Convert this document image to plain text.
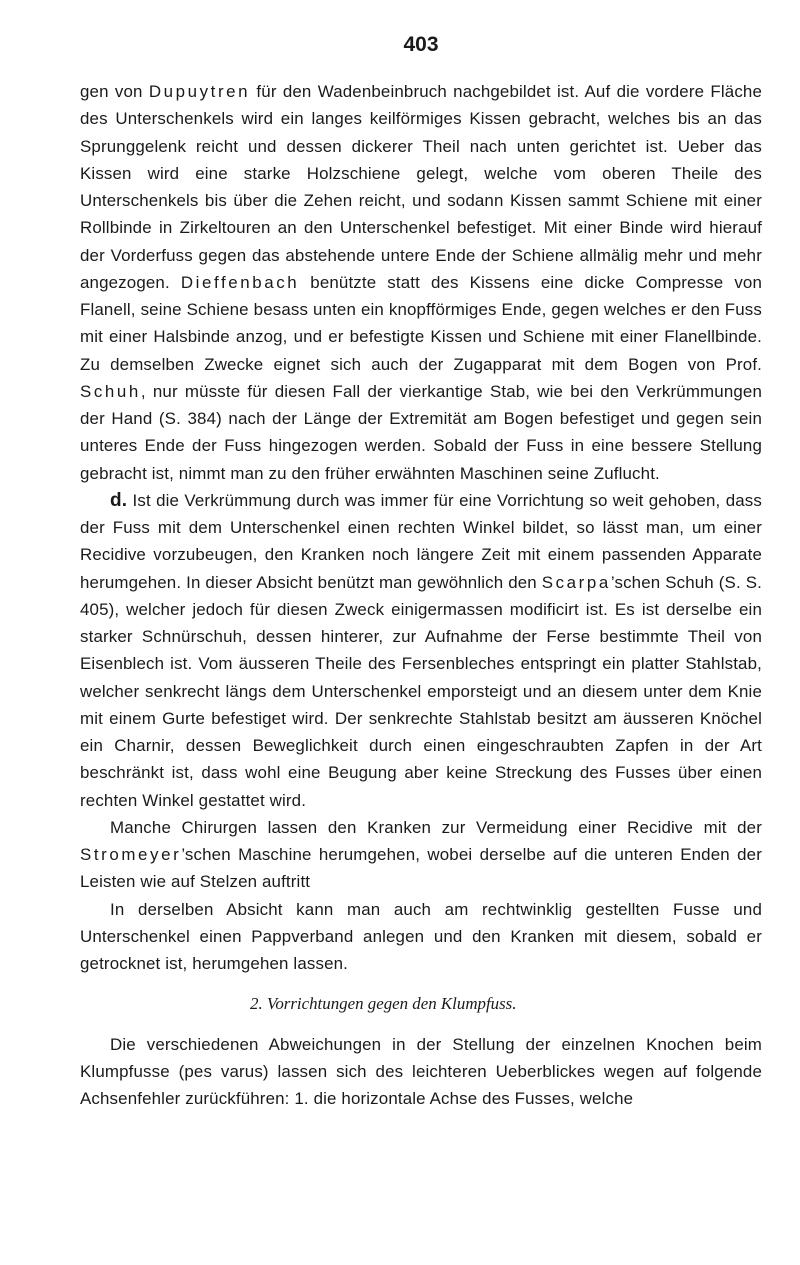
403

gen von Dupuytren für den Wadenbeinbruch nachgebildet ist. Auf die vordere Fläche des Unterschenkels wird ein langes keilförmiges Kissen gebracht, welches bis an das Sprunggelenk reicht und dessen dickerer Theil nach unten gerichtet ist. Ueber das Kissen wird eine starke Holzschiene gelegt, welche vom oberen Theile des Unterschenkels bis über die Zehen reicht, und sodann Kissen sammt Schiene mit einer Rollbinde in Zirkeltouren an den Unterschenkel befestiget. Mit einer Binde wird hierauf der Vorderfuss gegen das abstehende untere Ende der Schiene allmälig mehr und mehr angezogen. Dieffenbach benützte statt des Kissens eine dicke Compresse von Flanell, seine Schiene besass unten ein knopfförmiges Ende, gegen welches er den Fuss mit einer Halsbinde anzog, und er befestigte Kissen und Schiene mit einer Flanellbinde. Zu demselben Zwecke eignet sich auch der Zugapparat mit dem Bogen von Prof. Schuh, nur müsste für diesen Fall der vierkantige Stab, wie bei den Verkrümmungen der Hand (S. 384) nach der Länge der Extremität am Bogen befestiget und gegen sein unteres Ende der Fuss hingezogen werden. Sobald der Fuss in eine bessere Stellung gebracht ist, nimmt man zu den früher erwähnten Maschinen seine Zuflucht.

d. Ist die Verkrümmung durch was immer für eine Vorrichtung so weit gehoben, dass der Fuss mit dem Unterschenkel einen rechten Winkel bildet, so lässt man, um einer Recidive vorzubeugen, den Kranken noch längere Zeit mit einem passenden Apparate herumgehen. In dieser Absicht benützt man gewöhnlich den Scarpa’schen Schuh (S. S. 405), welcher jedoch für diesen Zweck einigermassen modificirt ist. Es ist derselbe ein starker Schnürschuh, dessen hinterer, zur Aufnahme der Ferse bestimmte Theil von Eisenblech ist. Vom äusseren Theile des Fersenbleches entspringt ein platter Stahlstab, welcher senkrecht längs dem Unterschenkel emporsteigt und an diesem unter dem Knie mit einem Gurte befestiget wird. Der senkrechte Stahlstab besitzt am äusseren Knöchel ein Charnir, dessen Beweglichkeit durch einen eingeschraubten Zapfen in der Art beschränkt ist, dass wohl eine Beugung aber keine Streckung des Fusses über einen rechten Winkel gestattet wird.

Manche Chirurgen lassen den Kranken zur Vermeidung einer Recidive mit der Stromeyer’schen Maschine herumgehen, wobei derselbe auf die unteren Enden der Leisten wie auf Stelzen auftritt

In derselben Absicht kann man auch am rechtwinklig gestellten Fusse und Unterschenkel einen Pappverband anlegen und den Kranken mit diesem, sobald er getrocknet ist, herumgehen lassen.

2. Vorrichtungen gegen den Klumpfuss.

Die verschiedenen Abweichungen in der Stellung der einzelnen Knochen beim Klumpfusse (pes varus) lassen sich des leichteren Ueberblickes wegen auf folgende Achsenfehler zurückführen: 1. die horizontale Achse des Fusses, welche
